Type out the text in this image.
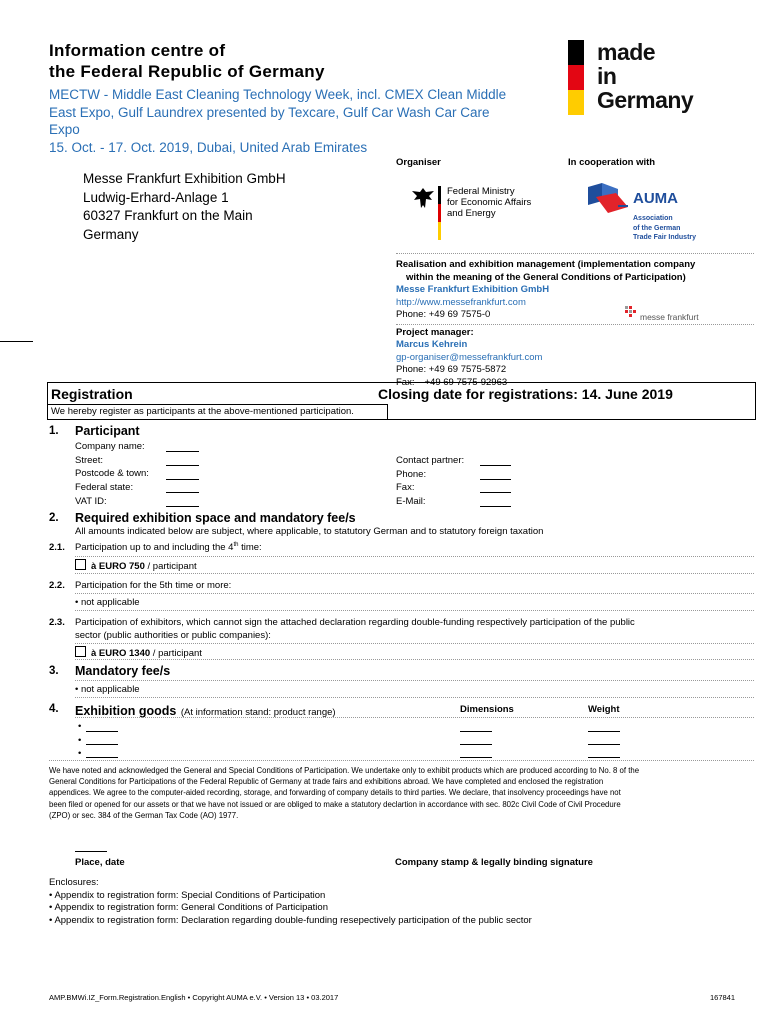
Information centre of
the Federal Republic of Germany
MECTW - Middle East Cleaning Technology Week, incl. CMEX Clean Middle
East Expo, Gulf Laundrex presented by Texcare, Gulf Car Wash Car Care
Expo
15. Oct. - 17. Oct. 2019, Dubai, United Arab Emirates
made
in
Germany
Organiser	In cooperation with
Messe Frankfurt Exhibition GmbH
Ludwig-Erhard-Anlage 1
60327 Frankfurt on the Main
Germany
Federal Ministry
for Economic Affairs
and Energy
AUMA
Association
of the German
Trade Fair Industry
Realisation and exhibition management (implementation company
within the meaning of the General Conditions of Participation)
Messe Frankfurt Exhibition GmbH
http://www.messefrankfurt.com
Phone: +49 69 7575-0
Project manager:
Marcus Kehrein
gp-organiser@messefrankfurt.com
Phone: +49 69 7575-5872
Fax: +49 69 7575-92963
messe frankfurt
Registration	Closing date for registrations: 14. June 2019
We hereby register as participants at the above-mentioned participation.
1. Participant
Company name:
Street:
Postcode & town:
Federal state:
VAT ID:
Contact partner:
Phone:
Fax:
E-Mail:
2. Required exhibition space and mandatory fee/s
All amounts indicated below are subject, where applicable, to statutory German and to statutory foreign taxation
2.1. Participation up to and including the 4th time:
à EURO 750 / participant
2.2. Participation for the 5th time or more:
• not applicable
2.3. Participation of exhibitors, which cannot sign the attached declaration regarding double-funding respectively participation of the public
sector (public authorities or public companies):
à EURO 1340 / participant
3. Mandatory fee/s
• not applicable
4. Exhibition goods (At information stand: product range)	Dimensions	Weight
•
•
•
We have noted and acknowledged the General and Special Conditions of Participation. We undertake only to exhibit products which are produced according to No. 8 of the
General Conditions for Participations of the Federal Republic of Germany at trade fairs and exhibitions abroad. We have completed and enclosed the registration
appendices. We agree to the computer-aided recording, storage, and forwarding of company details to third parties. We declare, that insolvency proceedings have not
been filed or opened for our assets or that we have not issued or are obliged to make a statutory declartion in accordance with sec. 802c Civil Code of Civil Procedure
(ZPO) or sec. 384 of the German Tax Code (AO) 1977.
Place, date	Company stamp & legally binding signature
Enclosures:
• Appendix to registration form: Special Conditions of Participation
• Appendix to registration form: General Conditions of Participation
• Appendix to registration form: Declaration regarding double-funding resepectively participation of the public sector
AMP.BMWi.IZ_Form.Registration.English • Copyright AUMA e.V. • Version 13 • 03.2017	167841
